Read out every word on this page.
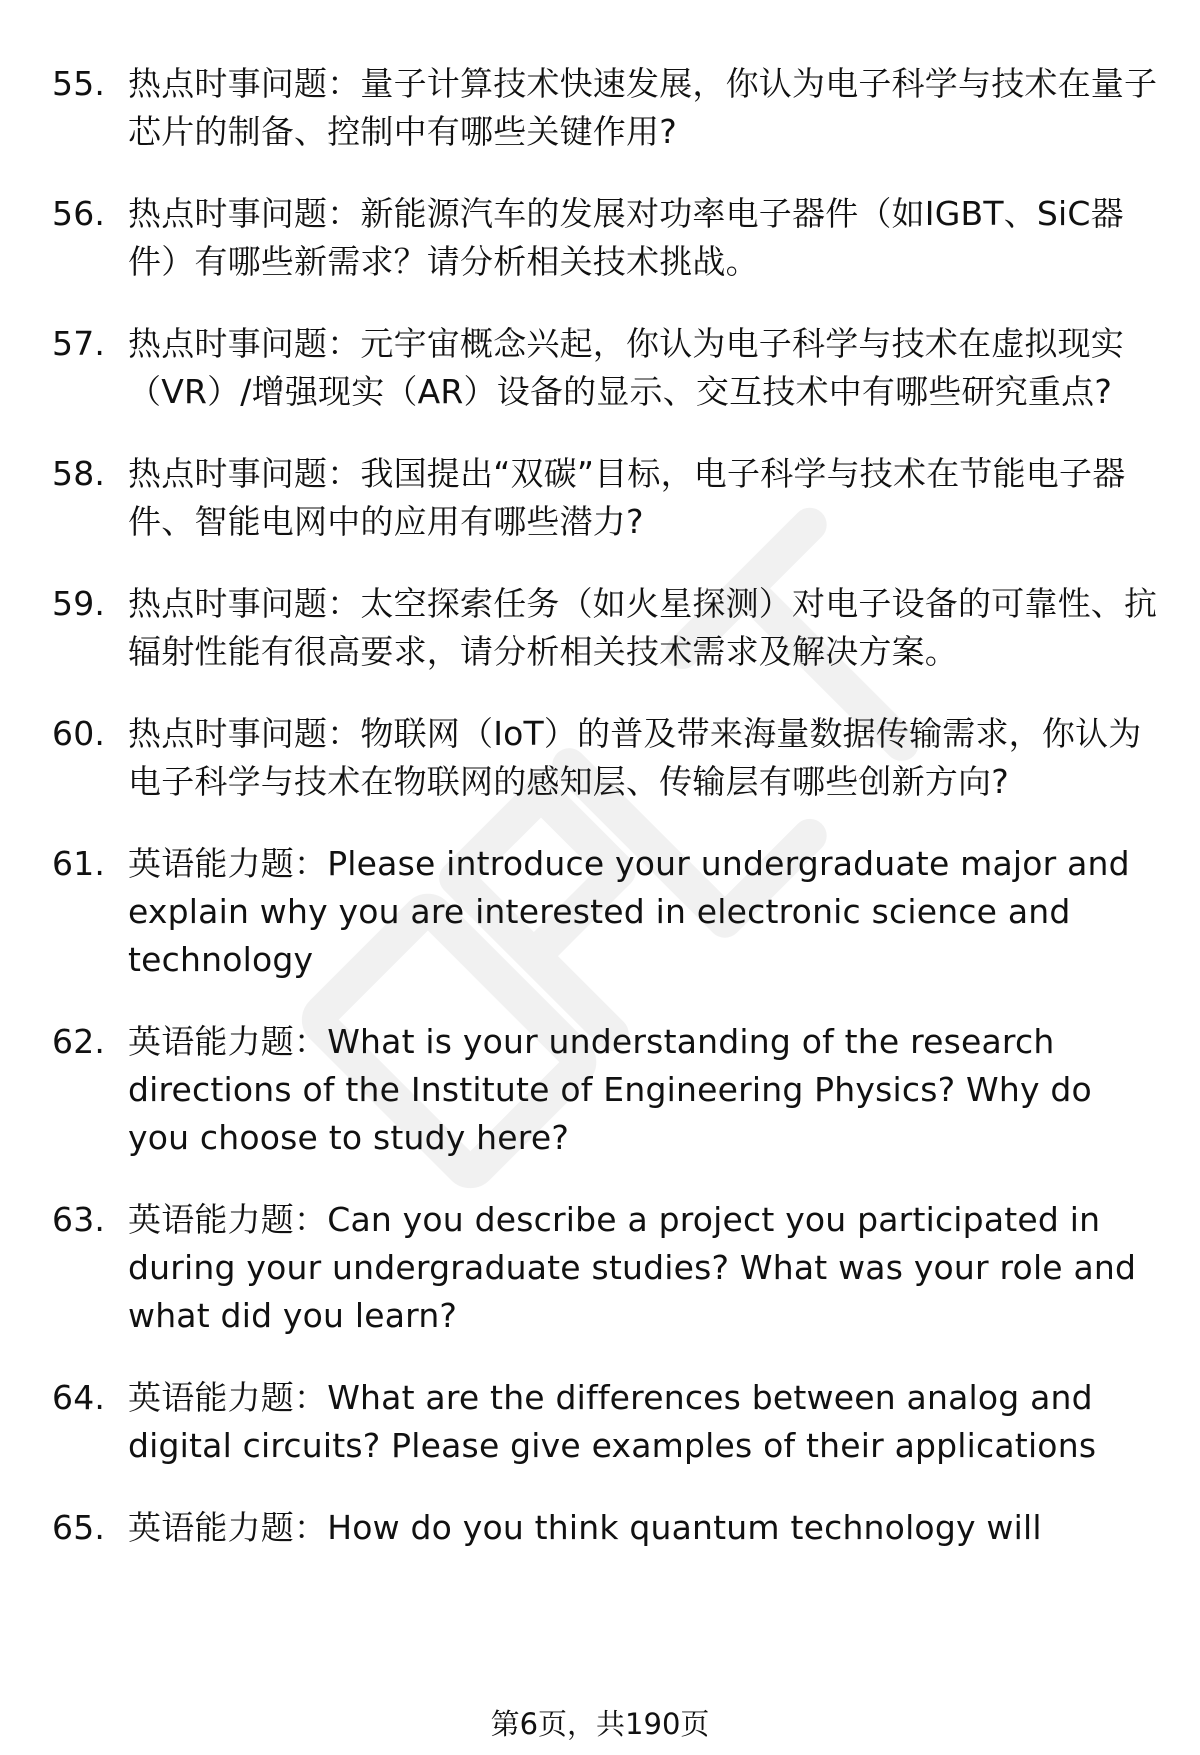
55. 热点时事问题：量子计算技术快速发展，你认为电子科学与技术在量子芯片的制备、控制中有哪些关键作用?
56. 热点时事问题：新能源汽车的发展对功率电子器件（如IGBT、SiC器件）有哪些新需求？请分析相关技术挑战。
57. 热点时事问题：元宇宙概念兴起，你认为电子科学与技术在虚拟现实（VR）/增强现实（AR）设备的显示、交互技术中有哪些研究重点?
58. 热点时事问题：我国提出“双碳”目标，电子科学与技术在节能电子器件、智能电网中的应用有哪些潜力?
59. 热点时事问题：太空探索任务（如火星探测）对电子设备的可靠性、抗辐射性能有很高要求，请分析相关技术需求及解决方案。
60. 热点时事问题：物联网（IoT）的普及带来海量数据传输需求，你认为电子科学与技术在物联网的感知层、传输层有哪些创新方向?
61. 英语能力题：Please introduce your undergraduate major and explain why you are interested in electronic science and technology
62. 英语能力题：What is your understanding of the research directions of the Institute of Engineering Physics? Why do you choose to study here?
63. 英语能力题：Can you describe a project you participated in during your undergraduate studies? What was your role and what did you learn?
64. 英语能力题：What are the differences between analog and digital circuits? Please give examples of their applications
65. 英语能力题：How do you think quantum technology will
第6页，共190页
